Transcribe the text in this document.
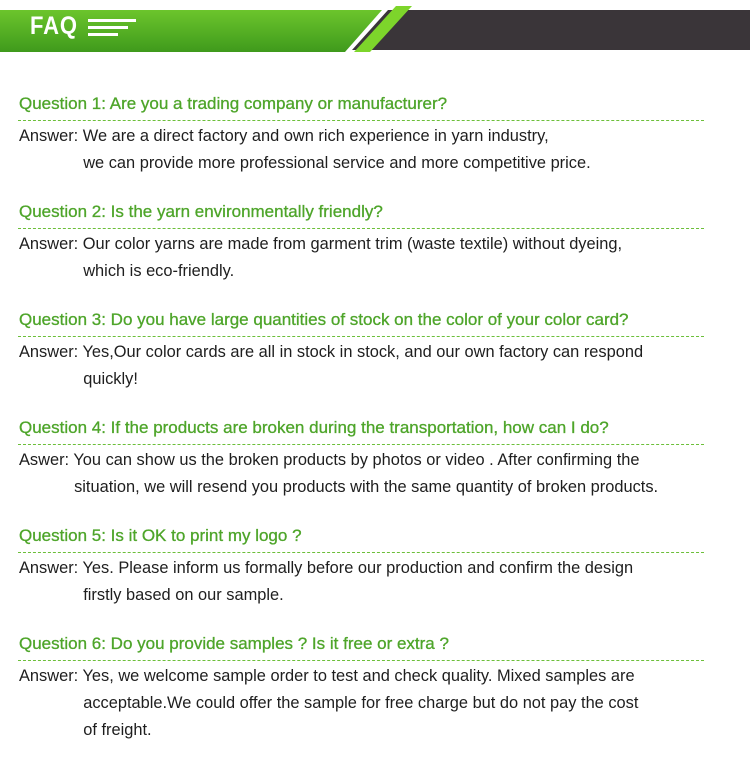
FAQ
Question 1: Are you a trading company or manufacturer?
Answer: We are a direct factory and own rich experience in yarn industry,
we can provide more professional service and more competitive price.
Question 2: Is the yarn environmentally friendly?
Answer: Our color yarns are made from garment trim (waste textile) without dyeing,
which is eco-friendly.
Question 3: Do you have large quantities of stock on the color of your color card?
Answer: Yes,Our color cards are all in stock in stock, and our own factory can respond
quickly!
Question 4: If the products are broken during the transportation, how can I do?
Aswer: You can show us the broken products by photos or video . After confirming the
situation, we will resend you products with the same quantity of broken products.
Question 5: Is it OK to print my logo ?
Answer: Yes. Please inform us formally before our production and confirm the design
firstly based on our sample.
Question 6: Do you provide samples ? Is it free or extra ?
Answer: Yes, we welcome sample order to test and check quality. Mixed samples are
acceptable.We could offer the sample for free charge but do not pay the cost
of freight.
